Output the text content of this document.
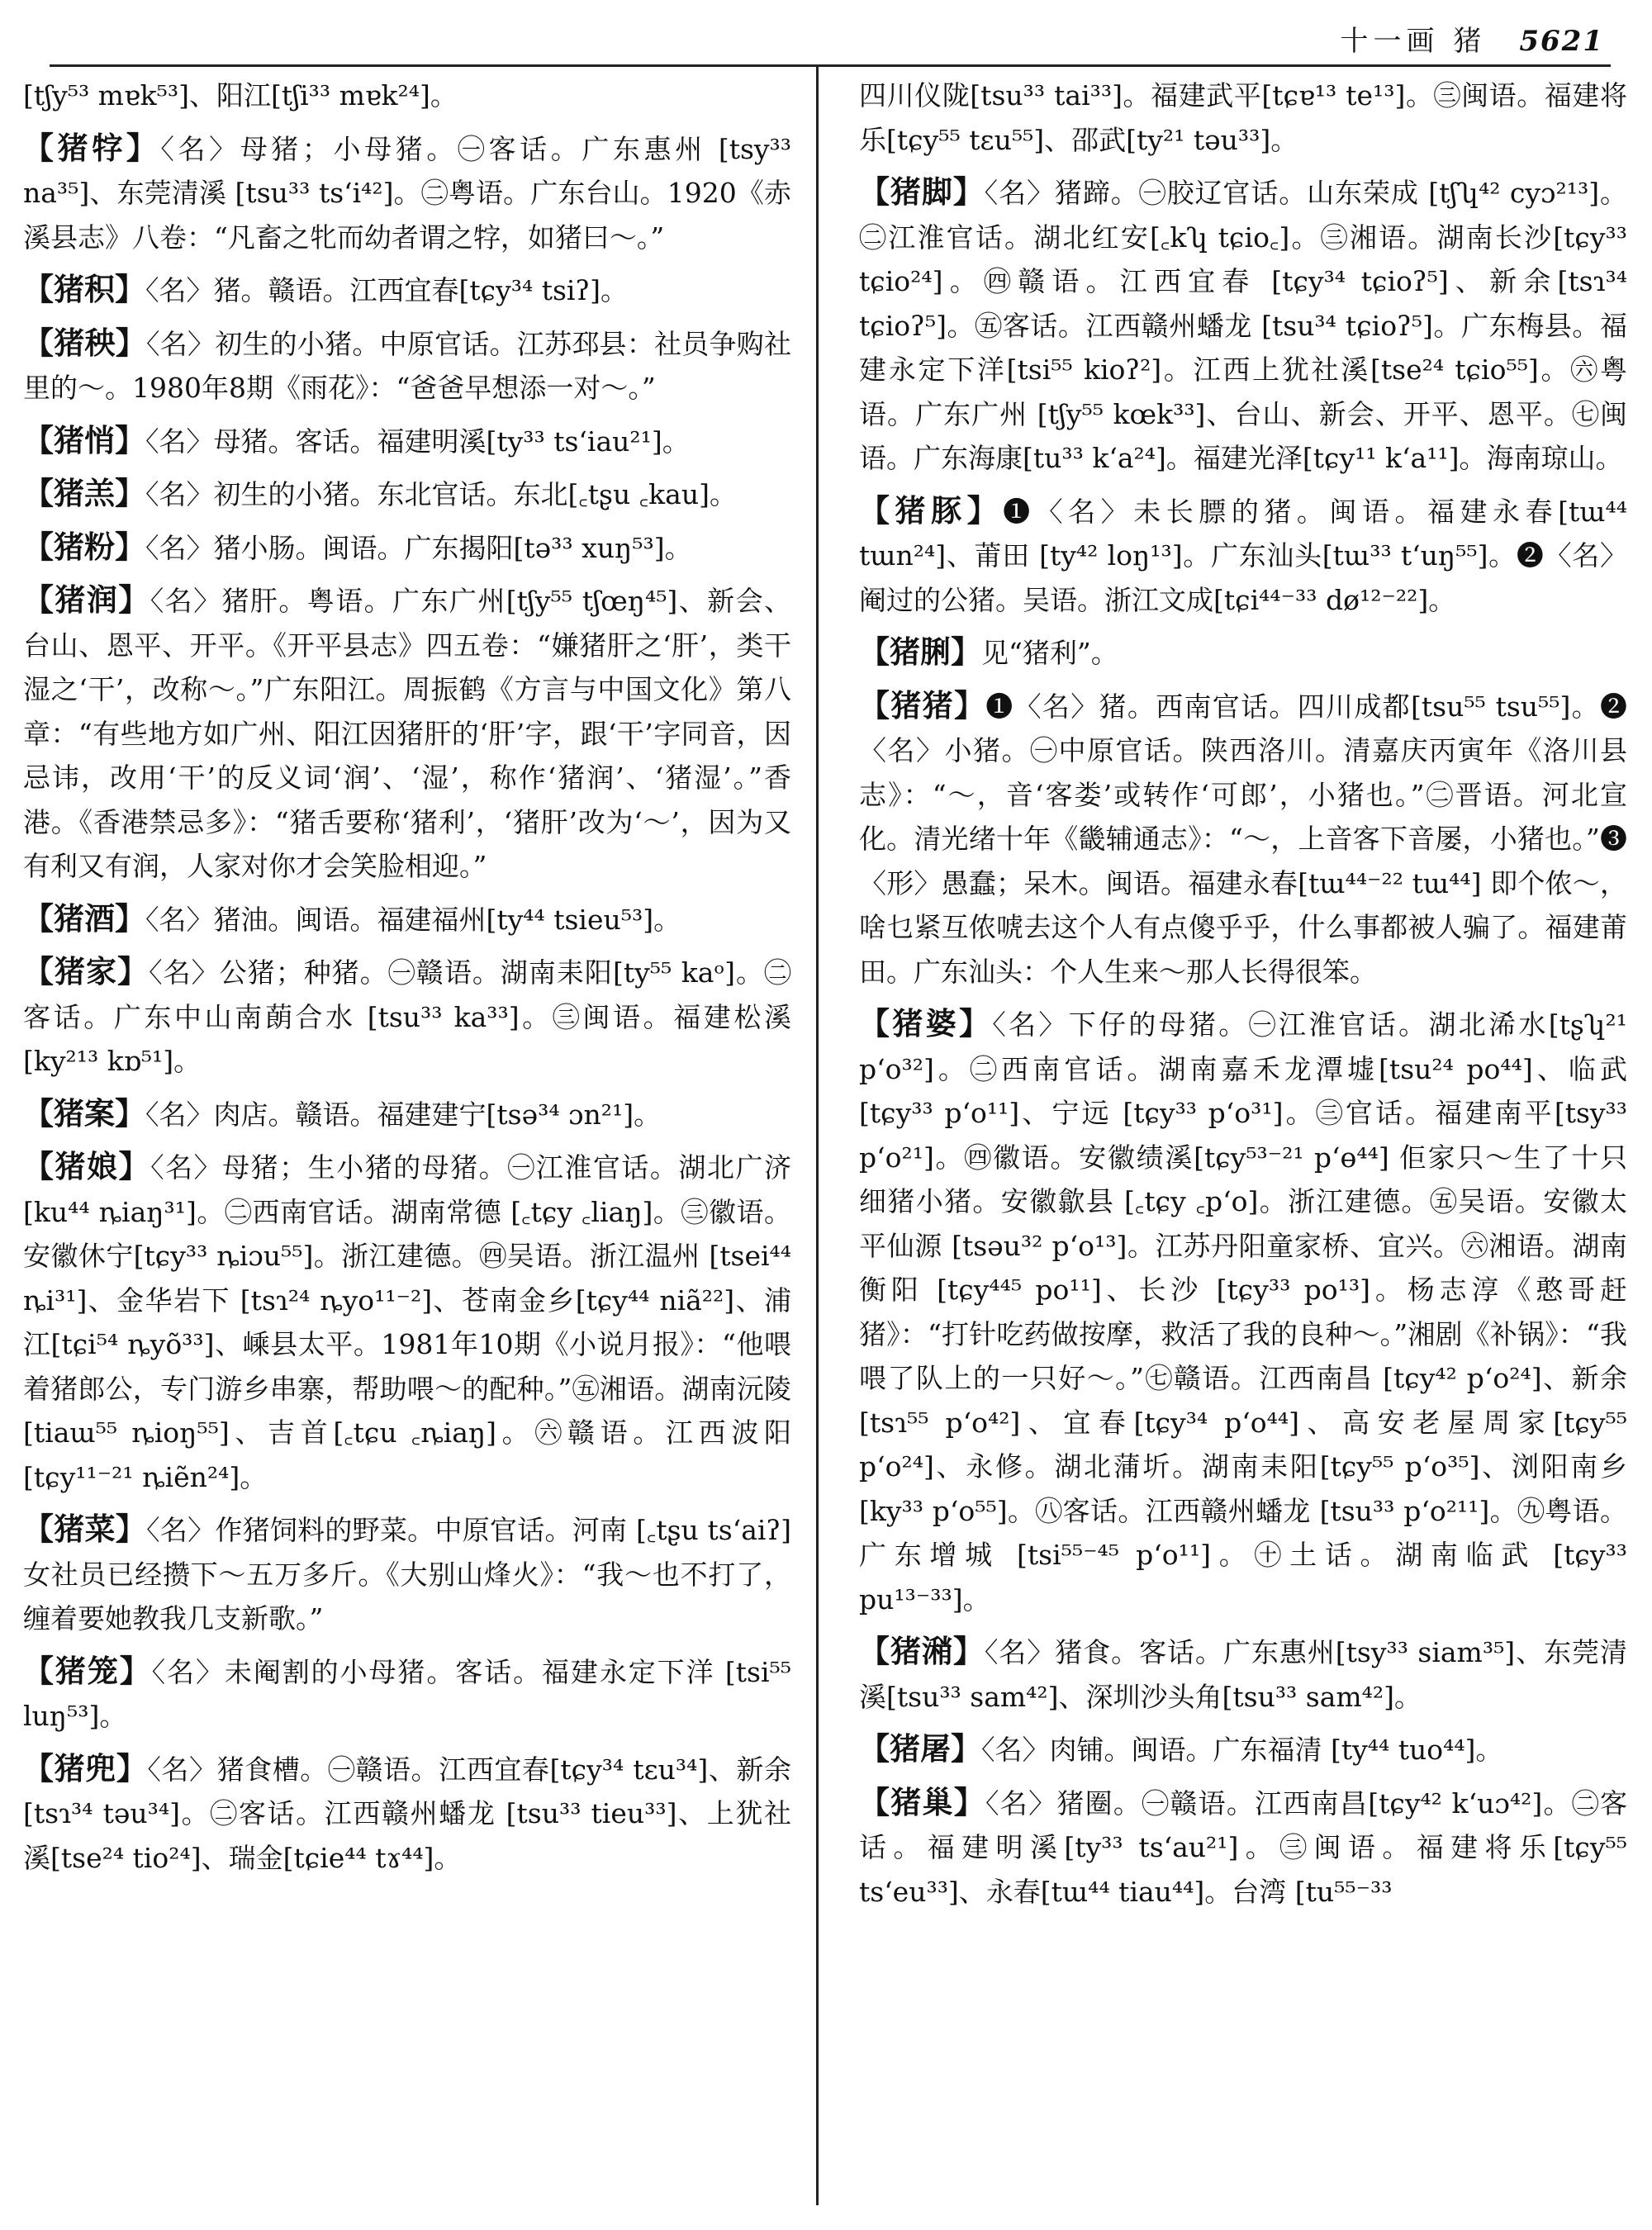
十一画 猪 5621

[tʃy⁵³ mɐk⁵³]、阳江[tʃi³³ mɐk²⁴]。

【猪牸】〈名〉母猪；小母猪。㊀客话。广东惠州 [tsy³³ na³⁵]、东莞清溪 [tsu³³ tsʻi⁴²]。㊁粤语。广东台山。1920《赤溪县志》八卷：“凡畜之牝而幼者谓之牸，如猪曰～。”

【猪积】〈名〉猪。赣语。江西宜春[tɕy³⁴ tsiʔ]。

【猪秧】〈名〉初生的小猪。中原官话。江苏邳县：社员争购社里的～。1980年8期《雨花》：“爸爸早想添一对～。”

【猪悄】〈名〉母猪。客话。福建明溪[ty³³ tsʻiau²¹]。

【猪羔】〈名〉初生的小猪。东北官话。东北[꜀tʂu ꜀kau]。

【猪粉】〈名〉猪小肠。闽语。广东揭阳[tə³³ xuŋ⁵³]。

【猪润】〈名〉猪肝。粤语。广东广州[tʃy⁵⁵ tʃœŋ⁴⁵]、新会、台山、恩平、开平。《开平县志》四五卷：“嫌猪肝之‘肝’，类干湿之‘干’，改称～。”广东阳江。周振鹤《方言与中国文化》第八章：“有些地方如广州、阳江因猪肝的‘肝’字，跟‘干’字同音，因忌讳，改用‘干’的反义词‘润’、‘湿’，称作‘猪润’、‘猪湿’。”香港。《香港禁忌多》：“猪舌要称‘猪利’，‘猪肝’改为‘～’，因为又有利又有润，人家对你才会笑脸相迎。”

【猪酒】〈名〉猪油。闽语。福建福州[ty⁴⁴ tsieu⁵³]。

【猪家】〈名〉公猪；种猪。㊀赣语。湖南耒阳[ty⁵⁵ kaᵒ]。㊁客话。广东中山南蓢合水 [tsu³³ ka³³]。㊂闽语。福建松溪[ky²¹³ kɒ⁵¹]。

【猪案】〈名〉肉店。赣语。福建建宁[tsə³⁴ ɔn²¹]。

【猪娘】〈名〉母猪；生小猪的母猪。㊀江淮官话。湖北广济 [ku⁴⁴ ȵiaŋ³¹]。㊁西南官话。湖南常德 [꜀tɕy ꜀liaŋ]。㊂徽语。安徽休宁[tɕy³³ ȵiɔu⁵⁵]。浙江建德。㊃吴语。浙江温州 [tsei⁴⁴ ȵi³¹]、金华岩下 [tsɿ²⁴ ȵyo¹¹⁻²]、苍南金乡[tɕy⁴⁴ niã²²]、浦江[tɕi⁵⁴ ȵyõ³³]、嵊县太平。1981年10期《小说月报》：“他喂着猪郎公，专门游乡串寨，帮助喂～的配种。”㊄湘语。湖南沅陵 [tiaɯ⁵⁵ ȵioŋ⁵⁵]、吉首[꜀tɕu ꜀ȵiaŋ]。㊅赣语。江西波阳[tɕy¹¹⁻²¹ ȵiẽn²⁴]。

【猪菜】〈名〉作猪饲料的野菜。中原官话。河南 [꜀tʂu tsʻaiʔ] 女社员已经攒下～五万多斤。《大别山烽火》：“我～也不打了，缠着要她教我几支新歌。”

【猪笼】〈名〉未阉割的小母猪。客话。福建永定下洋 [tsi⁵⁵ luŋ⁵³]。

【猪兜】〈名〉猪食槽。㊀赣语。江西宜春[tɕy³⁴ tɛu³⁴]、新余[tsɿ³⁴ təu³⁴]。㊁客话。江西赣州蟠龙 [tsu³³ tieu³³]、上犹社溪[tse²⁴ tio²⁴]、瑞金[tɕie⁴⁴ tɤ⁴⁴]。

四川仪陇[tsu³³ tai³³]。福建武平[tɕɐ¹³ te¹³]。㊂闽语。福建将乐[tɕy⁵⁵ tɛu⁵⁵]、邵武[ty²¹ təu³³]。

【猪脚】〈名〉猪蹄。㊀胶辽官话。山东荣成 [tʃʮ⁴² cyɔ²¹³]。㊁江淮官话。湖北红安[꜀kʮ tɕio꜀]。㊂湘语。湖南长沙[tɕy³³ tɕio²⁴]。㊃赣语。江西宜春 [tɕy³⁴ tɕioʔ⁵]、新余[tsɿ³⁴ tɕioʔ⁵]。㊄客话。江西赣州蟠龙 [tsu³⁴ tɕioʔ⁵]。广东梅县。福建永定下洋[tsi⁵⁵ kioʔ²]。江西上犹社溪[tse²⁴ tɕio⁵⁵]。㊅粤语。广东广州 [tʃy⁵⁵ kœk³³]、台山、新会、开平、恩平。㊆闽语。广东海康[tu³³ kʻa²⁴]。福建光泽[tɕy¹¹ kʻa¹¹]。海南琼山。

【猪豚】❶〈名〉未长膘的猪。闽语。福建永春[tɯ⁴⁴ tɯn²⁴]、莆田 [ty⁴² loŋ¹³]。广东汕头[tɯ³³ tʻuŋ⁵⁵]。❷〈名〉阉过的公猪。吴语。浙江文成[tɕi⁴⁴⁻³³ dø¹²⁻²²]。

【猪脷】见“猪利”。

【猪猪】❶〈名〉猪。西南官话。四川成都[tsu⁵⁵ tsu⁵⁵]。❷〈名〉小猪。㊀中原官话。陕西洛川。清嘉庆丙寅年《洛川县志》：“～，音‘客娄’或转作‘可郎’，小猪也。”㊁晋语。河北宣化。清光绪十年《畿辅通志》：“～，上音客下音屡，小猪也。”❸〈形〉愚蠢；呆木。闽语。福建永春[tɯ⁴⁴⁻²² tɯ⁴⁴] 即个侬～，啥乜紧互侬唬去这个人有点傻乎乎，什么事都被人骗了。福建莆田。广东汕头：个人生来～那人长得很笨。

【猪婆】〈名〉下仔的母猪。㊀江淮官话。湖北浠水[tʂʮ²¹ pʻo³²]。㊁西南官话。湖南嘉禾龙潭墟[tsu²⁴ po⁴⁴]、临武 [tɕy³³ pʻo¹¹]、宁远 [tɕy³³ pʻo³¹]。㊂官话。福建南平[tsy³³ pʻo²¹]。㊃徽语。安徽绩溪[tɕy⁵³⁻²¹ pʻɵ⁴⁴] 佢家只～生了十只细猪小猪。安徽歙县 [꜀tɕy ꜀pʻo]。浙江建德。㊄吴语。安徽太平仙源 [tsəu³² pʻo¹³]。江苏丹阳童家桥、宜兴。㊅湘语。湖南衡阳 [tɕy⁴⁴⁵ po¹¹]、长沙 [tɕy³³ po¹³]。杨志淳《憨哥赶猪》：“打针吃药做按摩，救活了我的良种～。”湘剧《补锅》：“我喂了队上的一只好～。”㊆赣语。江西南昌 [tɕy⁴² pʻo²⁴]、新余[tsɿ⁵⁵ pʻo⁴²]、宜春[tɕy³⁴ pʻo⁴⁴]、高安老屋周家[tɕy⁵⁵ pʻo²⁴]、永修。湖北蒲圻。湖南耒阳[tɕy⁵⁵ pʻo³⁵]、浏阳南乡[ky³³ pʻo⁵⁵]。㊇客话。江西赣州蟠龙 [tsu³³ pʻo²¹¹]。㊈粤语。广东增城 [tsi⁵⁵⁻⁴⁵ pʻo¹¹]。㊉土话。湖南临武 [tɕy³³ pu¹³⁻³³]。

【猪潲】〈名〉猪食。客话。广东惠州[tsy³³ siam³⁵]、东莞清溪[tsu³³ sam⁴²]、深圳沙头角[tsu³³ sam⁴²]。

【猪屠】〈名〉肉铺。闽语。广东福清 [ty⁴⁴ tuo⁴⁴]。

【猪巢】〈名〉猪圈。㊀赣语。江西南昌[tɕy⁴² kʻuɔ⁴²]。㊁客话。福建明溪[ty³³ tsʻau²¹]。㊂闽语。福建将乐[tɕy⁵⁵ tsʻeu³³]、永春[tɯ⁴⁴ tiau⁴⁴]。台湾 [tu⁵⁵⁻³³
